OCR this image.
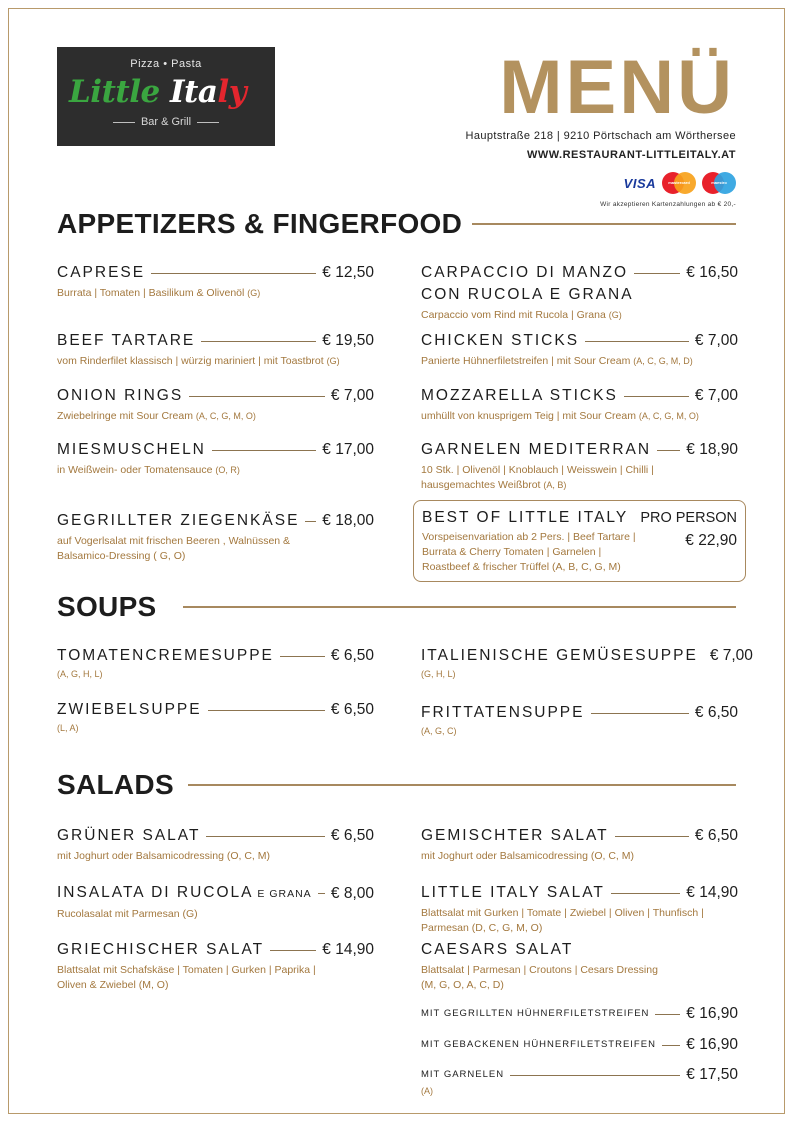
Pizza • Pasta
Little Italy
Bar & Grill	MENÜ
Hauptstraße 218 | 9210 Pörtschach am Wörthersee
WWW.RESTAURANT-LITTLEITALY.AT
VISA	mastercard	maestro
Wir akzeptieren Kartenzahlungen ab € 20,-
APPETIZERS & FINGERFOOD
CAPRESE	€ 12,50
Burrata | Tomaten | Basilikum & Olivenöl (G)
CARPACCIO DI MANZO	€ 16,50
CON RUCOLA E GRANA
Carpaccio vom Rind mit Rucola | Grana (G)
BEEF TARTARE	€ 19,50
vom Rinderfilet klassisch | würzig mariniert | mit Toastbrot (G)
CHICKEN STICKS	€ 7,00
Panierte Hühnerfiletstreifen | mit Sour Cream (A, C, G, M, D)
ONION RINGS	€ 7,00
Zwiebelringe mit Sour Cream (A, C, G, M, O)
MOZZARELLA STICKS	€ 7,00
umhüllt von knusprigem Teig | mit Sour Cream (A, C, G, M, O)
MIESMUSCHELN	€ 17,00
in Weißwein- oder Tomatensauce (O, R)
GARNELEN MEDITERRAN € 18,90
10 Stk. | Olivenöl | Knoblauch | Weisswein | Chilli |
hausgemachtes Weißbrot (A, B)
GEGRILLTER ZIEGENKÄSE € 18,00
auf Vogerlsalat mit frischen Beeren , Walnüssen &
Balsamico-Dressing ( G, O)
BEST OF LITTLE ITALY PRO PERSON
Vorspeisenvariation ab 2 Pers. | Beef Tartare |
Burrata & Cherry Tomaten | Garnelen |
Roastbeef & frischer Trüffel (A, B, C, G, M)
€ 22,90
SOUPS
TOMATENCREMESUPPE	€ 6,50
(A, G, H, L)
ITALIENISCHE GEMÜSESUPPE € 7,00
(G, H, L)
ZWIEBELSUPPE	€ 6,50
(L, A)
FRITTATENSUPPE	€ 6,50
(A, G, C)
SALADS
GRÜNER SALAT	€ 6,50
mit Joghurt oder Balsamicodressing (O, C, M)
GEMISCHTER SALAT	€ 6,50
mit Joghurt oder Balsamicodressing (O, C, M)
INSALATA DI RUCOLA E GRANA € 8,00
Rucolasalat mit Parmesan (G)
LITTLE ITALY SALAT	€ 14,90
Blattsalat mit Gurken | Tomate | Zwiebel | Oliven | Thunfisch |
Parmesan (D, C, G, M, O)
GRIECHISCHER SALAT	€ 14,90
Blattsalat mit Schafskäse | Tomaten | Gurken | Paprika |
Oliven & Zwiebel (M, O)
CAESARS SALAT
Blattsalat | Parmesan | Croutons | Cesars Dressing
(M, G, O, A, C, D)
MIT GEGRILLTEN HÜHNERFILETSTREIFEN € 16,90
MIT GEBACKENEN HÜHNERFILETSTREIFEN € 16,90
MIT GARNELEN	€ 17,50
(A)
